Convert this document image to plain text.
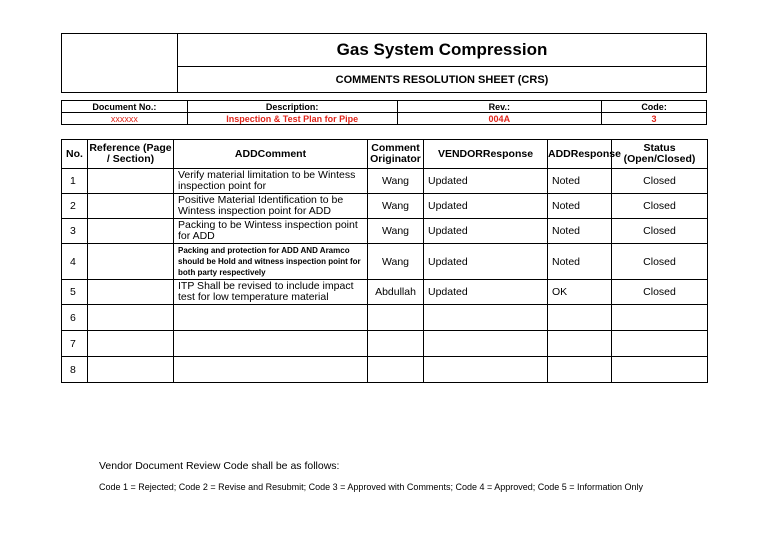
	Gas System Compression
COMMENTS RESOLUTION SHEET (CRS)
Document No.:	Description:	Rev.:	Code:
xxxxxx	Inspection & Test Plan for Pipe	004A	3
No.	Reference (Page / Section)	ADDComment	Comment Originator	VENDORResponse	ADDResponse	Status (Open/Closed)
1		Verify material limitation to be Wintess inspection point for	Wang	Updated	Noted	Closed
2		Positive Material Identification to be Wintess inspection point for ADD	Wang	Updated	Noted	Closed
3		Packing to be Wintess inspection point for ADD	Wang	Updated	Noted	Closed
4		Packing and protection for ADD AND Aramco should be Hold and witness inspection point for both party respectively	Wang	Updated	Noted	Closed
5		ITP Shall be revised to include impact test for low temperature material	Abdullah	Updated	OK	Closed
6						
7						
8						
Vendor Document Review Code shall be as follows:
Code 1 = Rejected; Code 2 = Revise and Resubmit; Code 3 = Approved with Comments; Code 4 = Approved; Code 5 = Information Only
